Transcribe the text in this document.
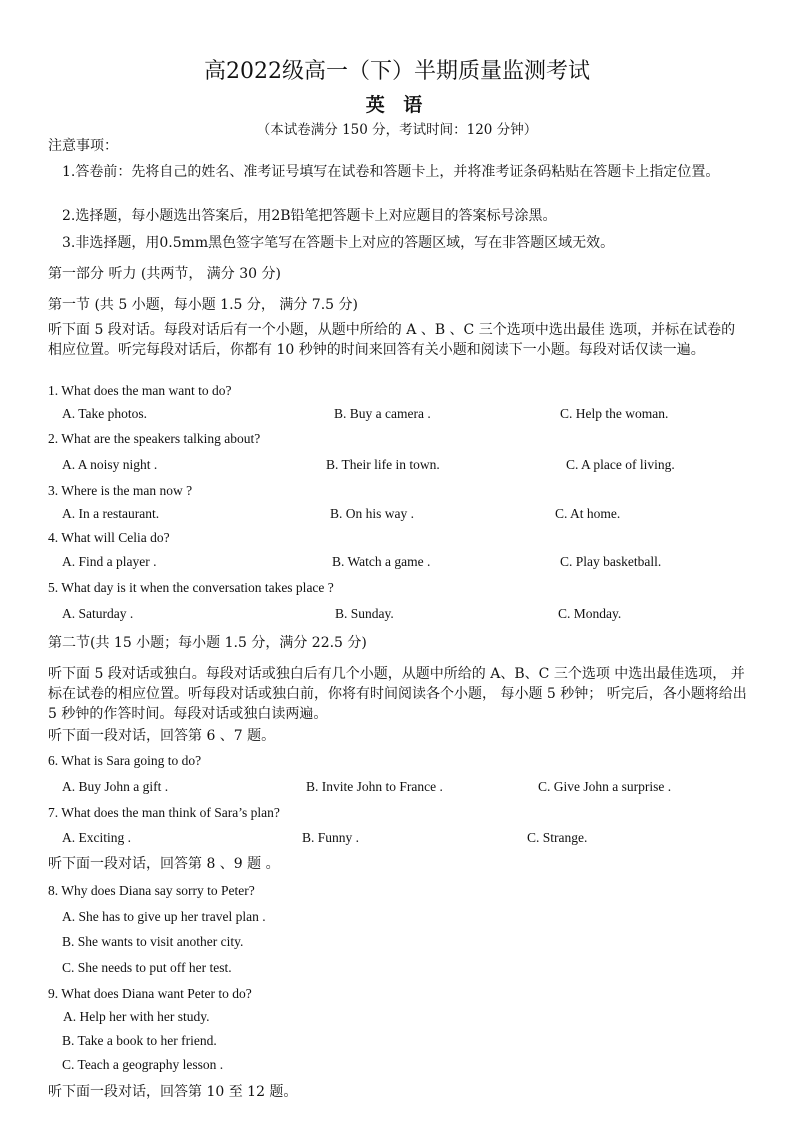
高2022级高一（下）半期质量监测考试
英 语
（本试卷满分 150 分，考试时间：120 分钟）
注意事项：
1.答卷前：先将自己的姓名、准考证号填写在试卷和答题卡上，并将准考证条码粘贴在答题卡上指定位置。
2.选择题，每小题选出答案后，用2B铅笔把答题卡上对应题目的答案标号涂黑。
3.非选择题，用0.5mm黑色签字笔写在答题卡上对应的答题区域，写在非答题区域无效。
第一部分 听力 (共两节， 满分 30 分)
第一节 (共 5 小题，每小题 1.5 分， 满分 7.5 分)
听下面 5 段对话。每段对话后有一个小题，从题中所给的 A 、B 、C 三个选项中选出最佳 选项，并标在试卷的相应位置。听完每段对话后，你都有 10 秒钟的时间来回答有关小题和阅读下一小题。每段对话仅读一遍。
1. What does the man want to do?
A. Take photos.	B. Buy a camera .	C. Help the woman.
2. What are the speakers talking about?
A. A noisy night .	B. Their life in town.	C. A place of living.
3. Where is the man now ?
A. In a restaurant.	B. On his way .	C. At home.
4. What will Celia do?
A. Find a player .	B. Watch a game .	C. Play basketball.
5. What day is it when the conversation takes place ?
A. Saturday .	B. Sunday.	C. Monday.
第二节(共 15 小题；每小题 1.5 分，满分 22.5 分)
听下面 5 段对话或独白。每段对话或独白后有几个小题，从题中所给的 A、B、C 三个选项 中选出最佳选项， 并标在试卷的相应位置。听每段对话或独白前，你将有时间阅读各个小题， 每小题 5 秒钟； 听完后，各小题将给出5 秒钟的作答时间。每段对话或独白读两遍。
听下面一段对话，回答第 6 、7 题。
6. What is Sara going to do?
A. Buy John a gift .	B. Invite John to France .	C. Give John a surprise .
7. What does the man think of Sara’s plan?
A. Exciting .	B. Funny .	C. Strange.
听下面一段对话，回答第 8 、9 题 。
8. Why does Diana say sorry to Peter?
A. She has to give up her travel plan .
B. She wants to visit another city.
C. She needs to put off her test.
9. What does Diana want Peter to do?
A. Help her with her study.
B. Take a book to her friend.
C. Teach a geography lesson .
听下面一段对话，回答第 10 至 12 题。
